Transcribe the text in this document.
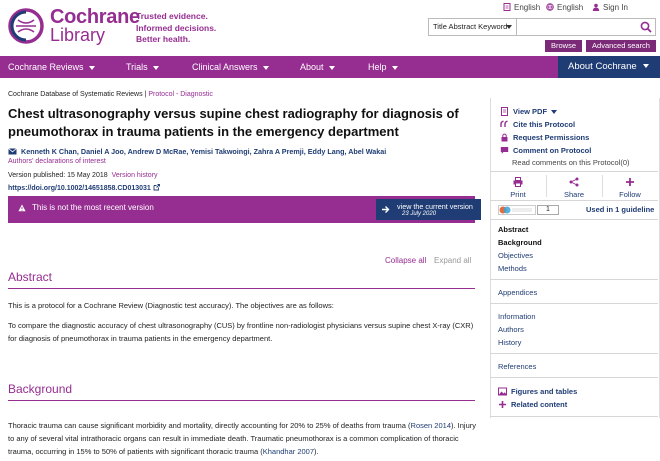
Cochrane
Library
Trusted evidence.
Informed decisions.
Better health.
English English Sign In
Title Abstract Keyword
Browse	Advanced search
Cochrane Reviews	Trials	Clinical Answers	About	Help	About Cochrane
Cochrane Database of Systematic Reviews | Protocol - Diagnostic
Chest ultrasonography versus supine chest radiography for diagnosis of pneumothorax in trauma patients in the emergency department
Kenneth K Chan, Daniel A Joo, Andrew D McRae, Yemisi Takwoingi, Zahra A Premji, Eddy Lang, Abel Wakai
Authors' declarations of interest
Version published: 15 May 2018 Version history
https://doi.org/10.1002/14651858.CD013031
This is not the most recent version	view the current version
23 July 2020
Collapse all Expand all
Abstract

This is a protocol for a Cochrane Review (Diagnostic test accuracy). The objectives are as follows:

To compare the diagnostic accuracy of chest ultrasonography (CUS) by frontline non-radiologist physicians versus supine chest X-ray (CXR) for diagnosis of pneumothorax in trauma patients in the emergency department.

Background

Thoracic trauma can cause significant morbidity and mortality, directly accounting for 20% to 25% of deaths from trauma (Rosen 2014). Injury to any of several vital intrathoracic organs can result in immediate death. Traumatic pneumothorax is a common complication of thoracic trauma, occurring in 15% to 50% of patients with significant thoracic trauma (Khandhar 2007).

View PDF
Cite this Protocol
Request Permissions
Comment on Protocol
Read comments on this Protocol(0)
Print	Share	Follow
1	Used in 1 guideline
Abstract
Background
Objectives
Methods
Appendices
Information
Authors
History
References
Figures and tables
Related content
